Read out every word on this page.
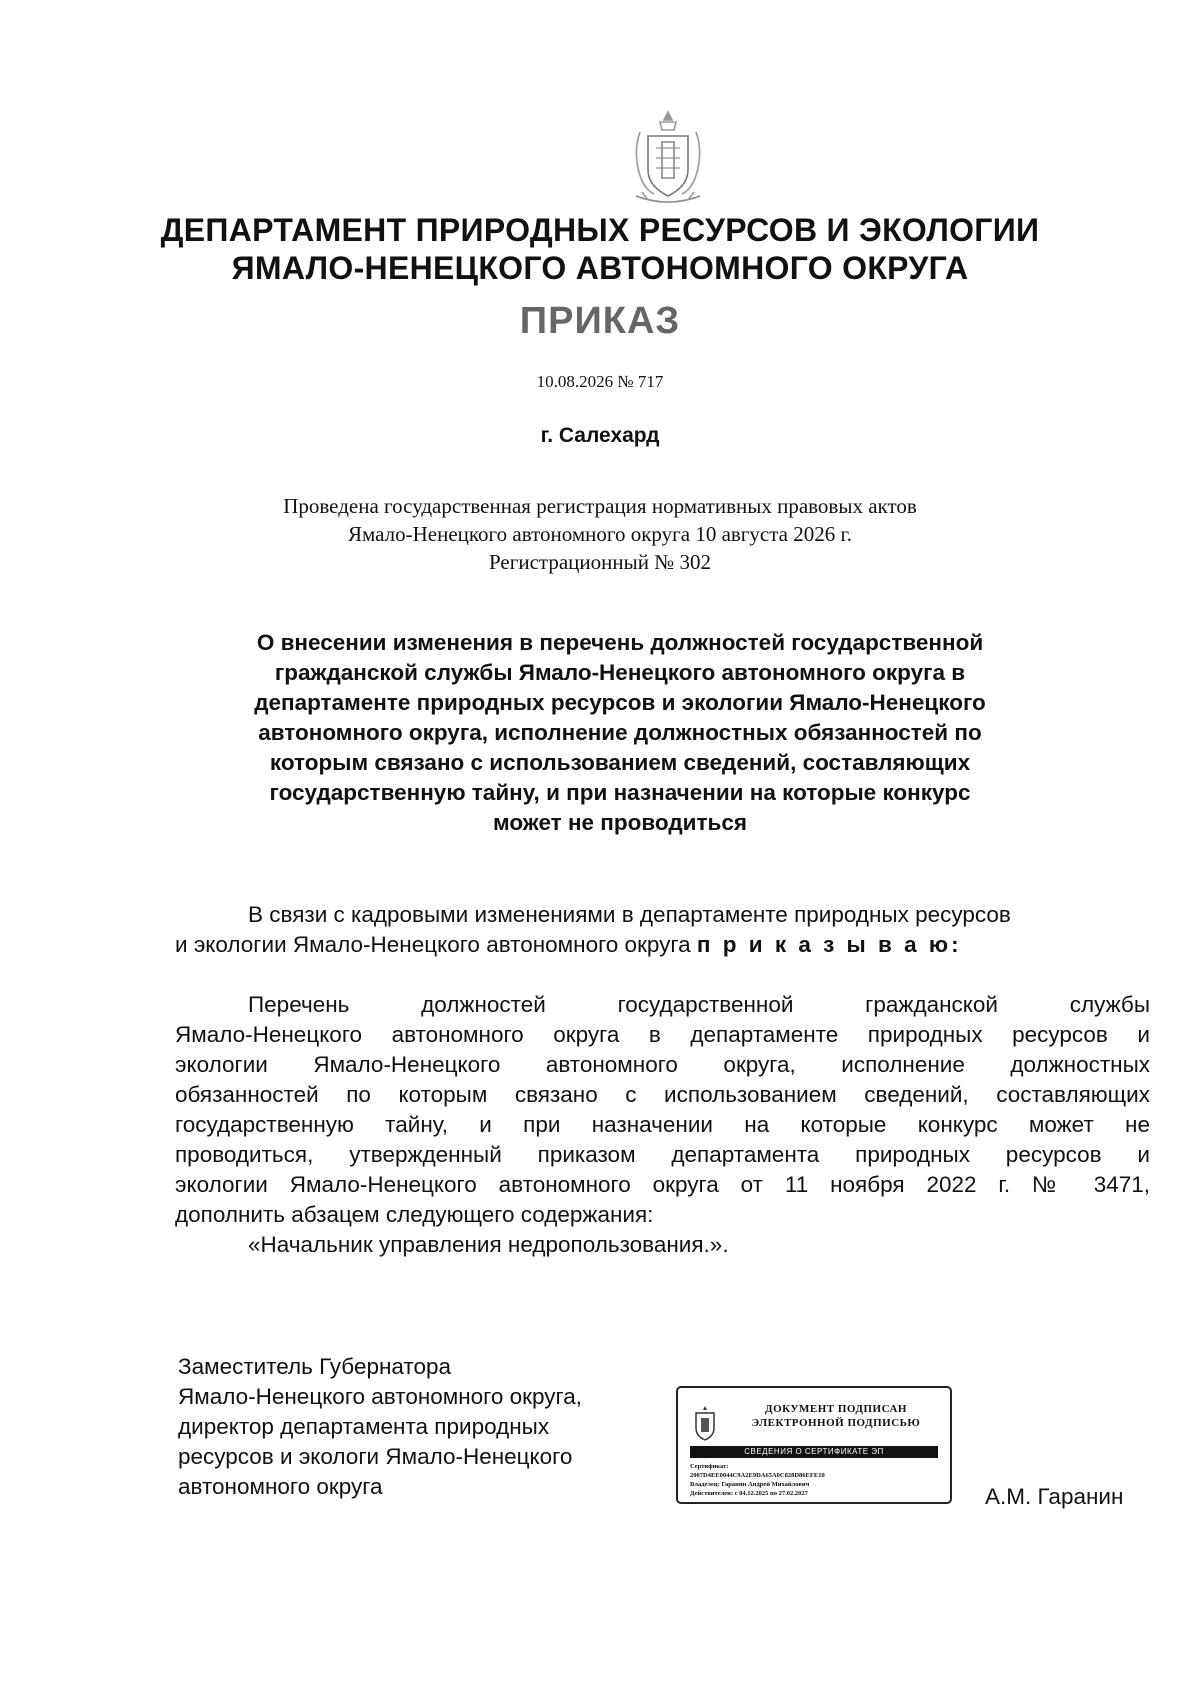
ДЕПАРТАМЕНТ ПРИРОДНЫХ РЕСУРСОВ И ЭКОЛОГИИ
ЯМАЛО-НЕНЕЦКОГО АВТОНОМНОГО ОКРУГА
ПРИКАЗ
10.08.2026 № 717
г. Салехард
Проведена государственная регистрация нормативных правовых актов
Ямало-Ненецкого автономного округа 10 августа 2026 г.
Регистрационный № 302
О внесении изменения в перечень должностей государственной
гражданской службы Ямало-Ненецкого автономного округа в
департаменте природных ресурсов и экологии Ямало-Ненецкого
автономного округа, исполнение должностных обязанностей по
которым связано с использованием сведений, составляющих
государственную тайну, и при назначении на которые конкурс
может не проводиться
В связи с кадровыми изменениями в департаменте природных ресурсов
и экологии Ямало-Ненецкого автономного округа п р и к а з ы в а ю:
Перечень должностей государственной гражданской службы
Ямало-Ненецкого автономного округа в департаменте природных ресурсов и
экологии Ямало-Ненецкого автономного округа, исполнение должностных
обязанностей по которым связано с использованием сведений, составляющих
государственную тайну, и при назначении на которые конкурс может не
проводиться, утвержденный приказом департамента природных ресурсов и
экологии Ямало-Ненецкого автономного округа от 11 ноября 2022 г. № 3471,
дополнить абзацем следующего содержания:
«Начальник управления недропользования.».
Заместитель Губернатора
Ямало-Ненецкого автономного округа,
директор департамента природных
ресурсов и экологи Ямало-Ненецкого
автономного округа
ДОКУМЕНТ ПОДПИСАН
ЭЛЕКТРОННОЙ ПОДПИСЬЮ
СВЕДЕНИЯ О СЕРТИФИКАТЕ ЭП
Сертификат:
2007D4EE0044C9A2E9DA65A0C828D86EFE10
Владелец: Гаранин Андрей Михайлович
Действителен: с 04.12.2025 по 27.02.2027	А.М. Гаранин
